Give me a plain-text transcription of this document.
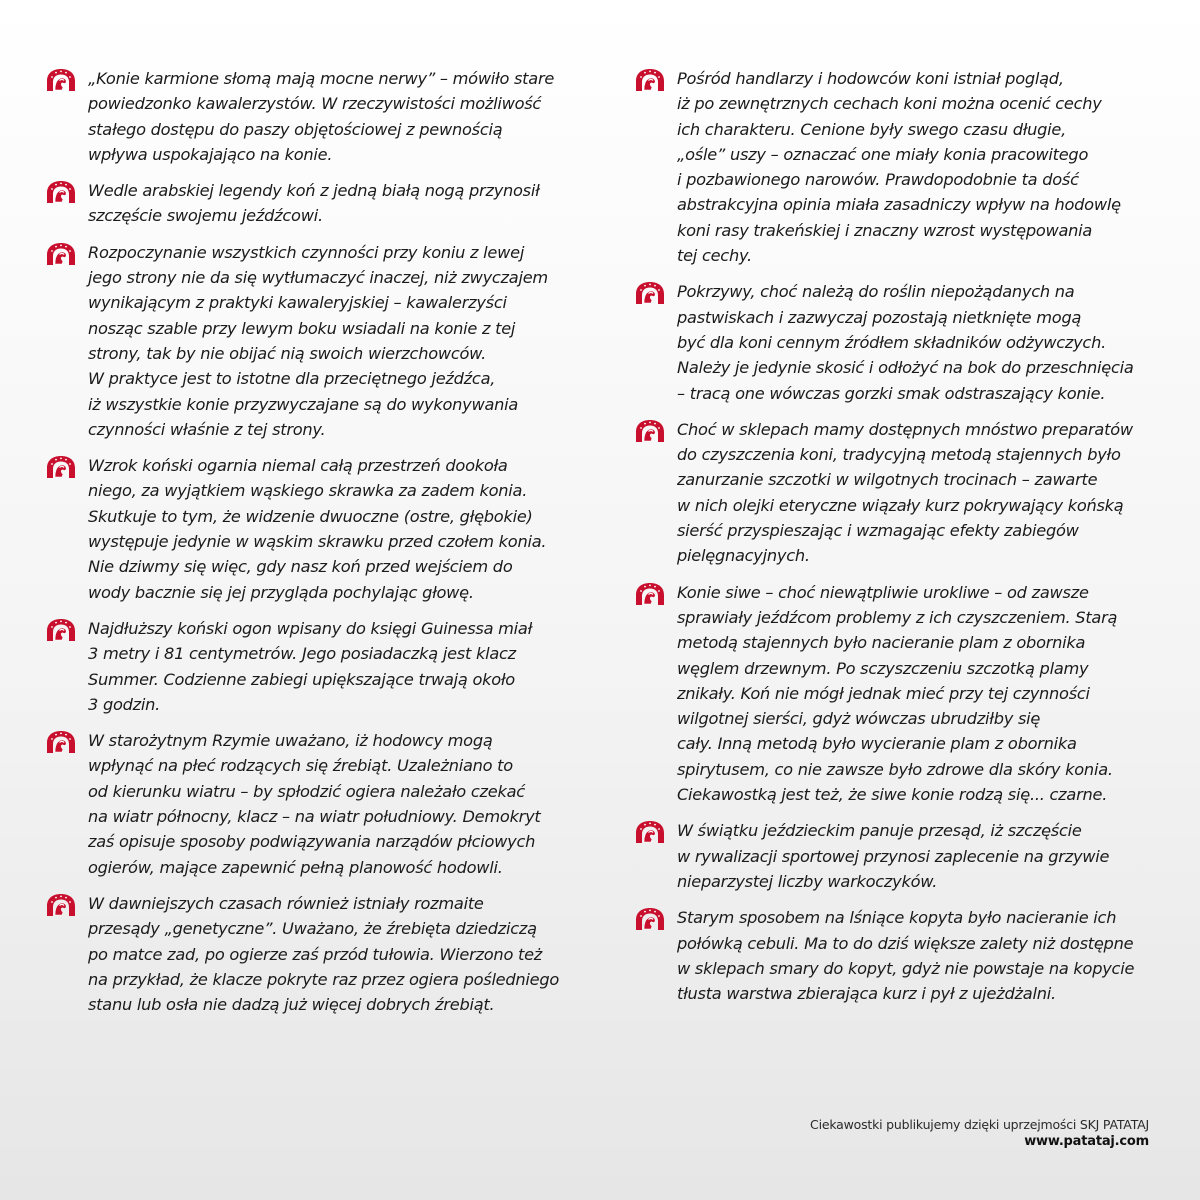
„Konie karmione słomą mają mocne nerwy” – mówiło stare
powiedzonko kawalerzystów. W rzeczywistości możliwość
stałego dostępu do paszy objętościowej z pewnością
wpływa uspokajająco na konie.
Wedle arabskiej legendy koń z jedną białą nogą przynosił
szczęście swojemu jeźdźcowi.
Rozpoczynanie wszystkich czynności przy koniu z lewej
jego strony nie da się wytłumaczyć inaczej, niż zwyczajem
wynikającym z praktyki kawaleryjskiej – kawalerzyści
nosząc szable przy lewym boku wsiadali na konie z tej
strony, tak by nie obijać nią swoich wierzchowców.
W praktyce jest to istotne dla przeciętnego jeźdźca,
iż wszystkie konie przyzwyczajane są do wykonywania
czynności właśnie z tej strony.
Wzrok koński ogarnia niemal całą przestrzeń dookoła
niego, za wyjątkiem wąskiego skrawka za zadem konia.
Skutkuje to tym, że widzenie dwuoczne (ostre, głębokie)
występuje jedynie w wąskim skrawku przed czołem konia.
Nie dziwmy się więc, gdy nasz koń przed wejściem do
wody bacznie się jej przygląda pochylając głowę.
Najdłuższy koński ogon wpisany do księgi Guinessa miał
3 metry i 81 centymetrów. Jego posiadaczką jest klacz
Summer. Codzienne zabiegi upiększające trwają około
3 godzin.
W starożytnym Rzymie uważano, iż hodowcy mogą
wpłynąć na płeć rodzących się źrebiąt. Uzależniano to
od kierunku wiatru – by spłodzić ogiera należało czekać
na wiatr północny, klacz – na wiatr południowy. Demokryt
zaś opisuje sposoby podwiązywania narządów płciowych
ogierów, mające zapewnić pełną planowość hodowli.
W dawniejszych czasach również istniały rozmaite
przesądy „genetyczne”. Uważano, że źrebięta dziedziczą
po matce zad, po ogierze zaś przód tułowia. Wierzono też
na przykład, że klacze pokryte raz przez ogiera pośledniego
stanu lub osła nie dadzą już więcej dobrych źrebiąt.
Pośród handlarzy i hodowców koni istniał pogląd,
iż po zewnętrznych cechach koni można ocenić cechy
ich charakteru. Cenione były swego czasu długie,
„ośle” uszy – oznaczać one miały konia pracowitego
i pozbawionego narowów. Prawdopodobnie ta dość
abstrakcyjna opinia miała zasadniczy wpływ na hodowlę
koni rasy trakeńskiej i znaczny wzrost występowania
tej cechy.
Pokrzywy, choć należą do roślin niepożądanych na
pastwiskach i zazwyczaj pozostają nietknięte mogą
być dla koni cennym źródłem składników odżywczych.
Należy je jedynie skosić i odłożyć na bok do przeschnięcia
– tracą one wówczas gorzki smak odstraszający konie.
Choć w sklepach mamy dostępnych mnóstwo preparatów
do czyszczenia koni, tradycyjną metodą stajennych było
zanurzanie szczotki w wilgotnych trocinach – zawarte
w nich olejki eteryczne wiązały kurz pokrywający końską
sierść przyspieszając i wzmagając efekty zabiegów
pielęgnacyjnych.
Konie siwe – choć niewątpliwie urokliwe – od zawsze
sprawiały jeźdźcom problemy z ich czyszczeniem. Starą
metodą stajennych było nacieranie plam z obornika
węglem drzewnym. Po sczyszczeniu szczotką plamy
znikały. Koń nie mógł jednak mieć przy tej czynności
wilgotnej sierści, gdyż wówczas ubrudziłby się
cały. Inną metodą było wycieranie plam z obornika
spirytusem, co nie zawsze było zdrowe dla skóry konia.
Ciekawostką jest też, że siwe konie rodzą się... czarne.
W świątku jeździeckim panuje przesąd, iż szczęście
w rywalizacji sportowej przynosi zaplecenie na grzywie
nieparzystej liczby warkoczyków.
Starym sposobem na lśniące kopyta było nacieranie ich
połówką cebuli. Ma to do dziś większe zalety niż dostępne
w sklepach smary do kopyt, gdyż nie powstaje na kopycie
tłusta warstwa zbierająca kurz i pył z ujeżdżalni.
Ciekawostki publikujemy dzięki uprzejmości SKJ PATATAJ
www.patataj.com
